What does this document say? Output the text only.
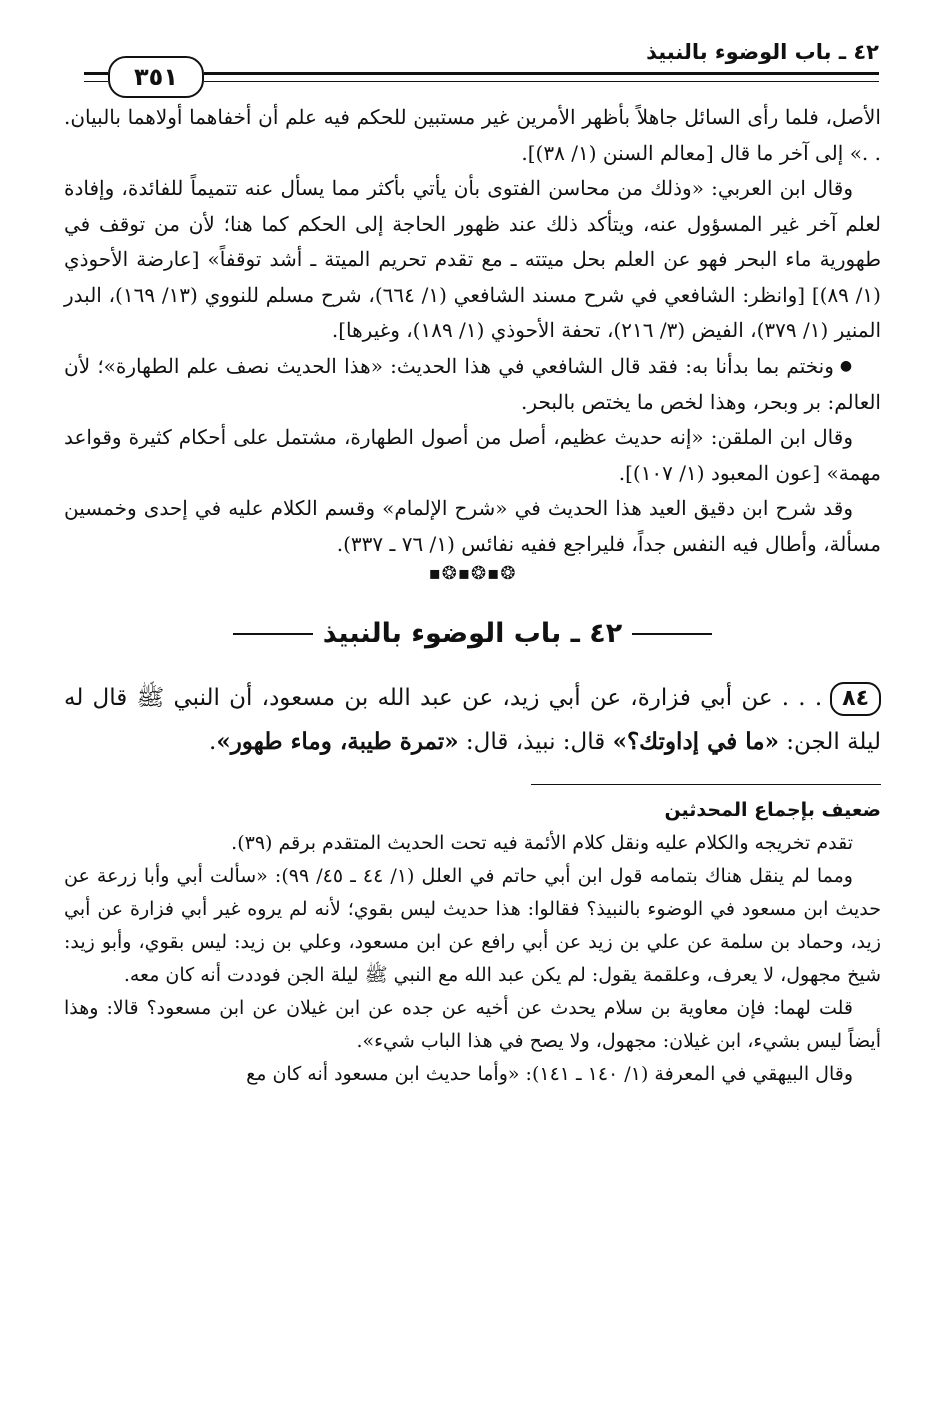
٤٢ ـ باب الوضوء بالنبيذ
٣٥١

الأصل، فلما رأى السائل جاهلاً بأظهر الأمرين غير مستبين للحكم فيه علم أن أخفاهما أولاهما بالبيان. . .» إلى آخر ما قال [معالم السنن (١/ ٣٨)].

وقال ابن العربي: «وذلك من محاسن الفتوى بأن يأتي بأكثر مما يسأل عنه تتميماً للفائدة، وإفادة لعلم آخر غير المسؤول عنه، ويتأكد ذلك عند ظهور الحاجة إلى الحكم كما هنا؛ لأن من توقف في طهورية ماء البحر فهو عن العلم بحل ميتته ـ مع تقدم تحريم الميتة ـ أشد توقفاً» [عارضة الأحوذي (١/ ٨٩)] [وانظر: الشافعي في شرح مسند الشافعي (١/ ٦٦٤)، شرح مسلم للنووي (١٣/ ١٦٩)، البدر المنير (١/ ٣٧٩)، الفيض (٣/ ٢١٦)، تحفة الأحوذي (١/ ١٨٩)، وغيرها].

●ونختم بما بدأنا به: فقد قال الشافعي في هذا الحديث: «هذا الحديث نصف علم الطهارة»؛ لأن العالم: بر وبحر، وهذا لخص ما يختص بالبحر.

وقال ابن الملقن: «إنه حديث عظيم، أصل من أصول الطهارة، مشتمل على أحكام كثيرة وقواعد مهمة» [عون المعبود (١/ ١٠٧)].

وقد شرح ابن دقيق العيد هذا الحديث في «شرح الإلمام» وقسم الكلام عليه في إحدى وخمسين مسألة، وأطال فيه النفس جداً، فليراجع ففيه نفائس (١/ ٧٦ ـ ٣٣٧).

❂▪❂▪❂▪

٤٢ ـ باب الوضوء بالنبيذ

٨٤. . . عن أبي فزارة، عن أبي زيد، عن عبد الله بن مسعود، أن النبي ﷺ قال له ليلة الجن: «ما في إداوتك؟» قال: نبيذ، قال: «تمرة طيبة، وماء طهور».

ضعيف بإجماع المحدثين

تقدم تخريجه والكلام عليه ونقل كلام الأئمة فيه تحت الحديث المتقدم برقم (٣٩).

ومما لم ينقل هناك بتمامه قول ابن أبي حاتم في العلل (١/ ٤٤ ـ ٤٥/ ٩٩): «سألت أبي وأبا زرعة عن حديث ابن مسعود في الوضوء بالنبيذ؟ فقالوا: هذا حديث ليس بقوي؛ لأنه لم يروه غير أبي فزارة عن أبي زيد، وحماد بن سلمة عن علي بن زيد عن أبي رافع عن ابن مسعود، وعلي بن زيد: ليس بقوي، وأبو زيد: شيخ مجهول، لا يعرف، وعلقمة يقول: لم يكن عبد الله مع النبي ﷺ ليلة الجن فوددت أنه كان معه.

قلت لهما: فإن معاوية بن سلام يحدث عن أخيه عن جده عن ابن غيلان عن ابن مسعود؟ قالا: وهذا أيضاً ليس بشيء، ابن غيلان: مجهول، ولا يصح في هذا الباب شيء».

وقال البيهقي في المعرفة (١/ ١٤٠ ـ ١٤١): «وأما حديث ابن مسعود أنه كان مع
